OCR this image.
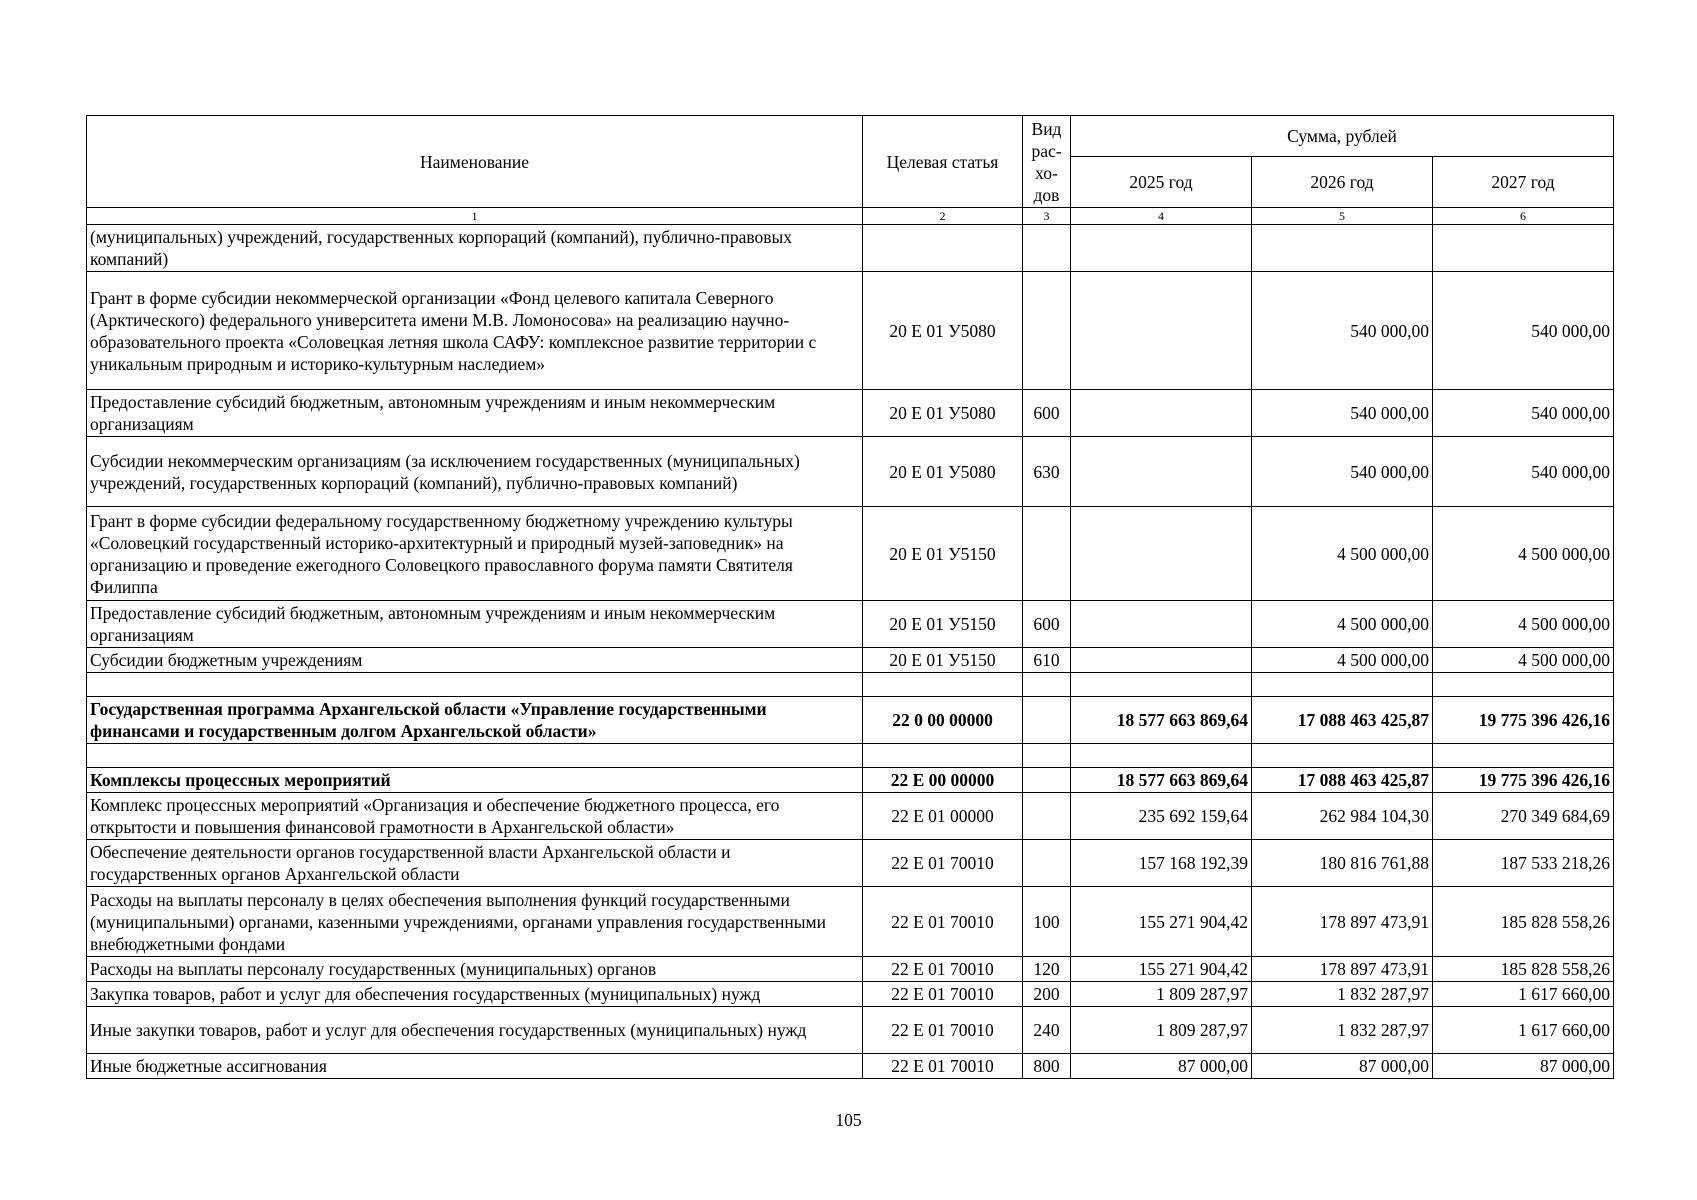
Наименование	Целевая статья	Вид рас-хо-дов	Сумма, рублей		
			2025 год	2026 год	2027 год
1	2	3	4	5	6
(муниципальных) учреждений, государственных корпораций (компаний), публично-правовых компаний)					
Грант в форме субсидии некоммерческой организации «Фонд целевого капитала Северного (Арктического) федерального университета имени М.В. Ломоносова» на реализацию научно-образовательного проекта «Соловецкая летняя школа САФУ: комплексное развитие территории с уникальным природным и историко-культурным наследием»	20 Е 01 У5080			540 000,00	540 000,00
Предоставление субсидий бюджетным, автономным учреждениям и иным некоммерческим организациям	20 Е 01 У5080	600		540 000,00	540 000,00
Субсидии некоммерческим организациям (за исключением государственных (муниципальных) учреждений, государственных корпораций (компаний), публично-правовых компаний)	20 Е 01 У5080	630		540 000,00	540 000,00
Грант в форме субсидии федеральному государственному бюджетному учреждению культуры «Соловецкий государственный историко-архитектурный и природный музей-заповедник» на организацию и проведение ежегодного Соловецкого православного форума памяти Святителя Филиппа	20 Е 01 У5150			4 500 000,00	4 500 000,00
Предоставление субсидий бюджетным, автономным учреждениям и иным некоммерческим организациям	20 Е 01 У5150	600		4 500 000,00	4 500 000,00
Субсидии бюджетным учреждениям	20 Е 01 У5150	610		4 500 000,00	4 500 000,00

Государственная программа Архангельской области «Управление государственными финансами и государственным долгом Архангельской области»	22 0 00 00000		18 577 663 869,64	17 088 463 425,87	19 775 396 426,16

Комплексы процессных мероприятий	22 Е 00 00000		18 577 663 869,64	17 088 463 425,87	19 775 396 426,16
Комплекс процессных мероприятий «Организация и обеспечение бюджетного процесса, его открытости и повышения финансовой грамотности в Архангельской области»	22 Е 01 00000		235 692 159,64	262 984 104,30	270 349 684,69
Обеспечение деятельности органов государственной власти Архангельской области и государственных органов Архангельской области	22 Е 01 70010		157 168 192,39	180 816 761,88	187 533 218,26
Расходы на выплаты персоналу в целях обеспечения выполнения функций государственными (муниципальными) органами, казенными учреждениями, органами управления государственными внебюджетными фондами	22 Е 01 70010	100	155 271 904,42	178 897 473,91	185 828 558,26
Расходы на выплаты персоналу государственных (муниципальных) органов	22 Е 01 70010	120	155 271 904,42	178 897 473,91	185 828 558,26
Закупка товаров, работ и услуг для обеспечения государственных (муниципальных) нужд	22 Е 01 70010	200	1 809 287,97	1 832 287,97	1 617 660,00
Иные закупки товаров, работ и услуг для обеспечения государственных (муниципальных) нужд	22 Е 01 70010	240	1 809 287,97	1 832 287,97	1 617 660,00
Иные бюджетные ассигнования	22 Е 01 70010	800	87 000,00	87 000,00	87 000,00
105
